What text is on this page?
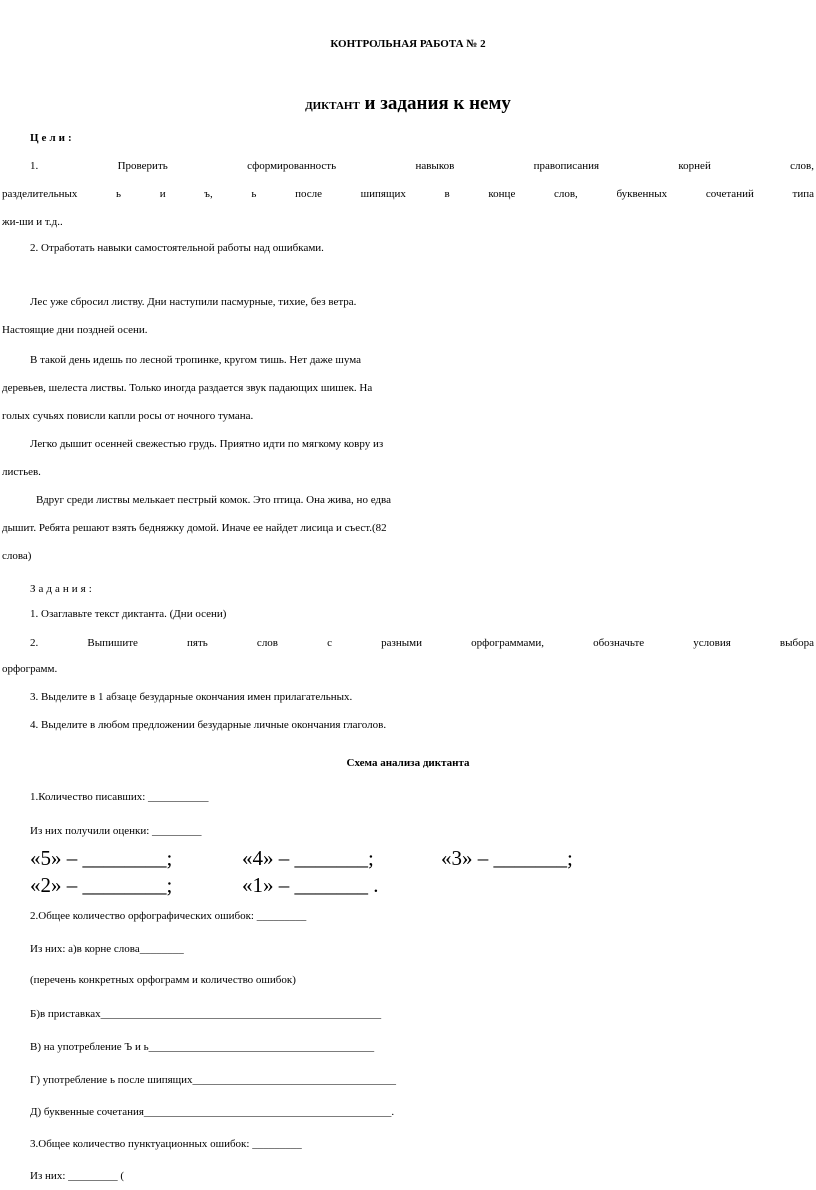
КОНТРОЛЬНАЯ РАБОТА № 2
ДИКТАНТ и задания к нему
Цели:
1. Проверить сформированность навыков правописания корней слов,
разделительных ь и ъ, ь после шипящих в конце слов, буквенных сочетаний типа
жи-ши и т.д..
2. Отработать навыки самостоятельной работы над ошибками.
Лес уже сбросил листву. Дни наступили пасмурные, тихие, без ветра.
Настоящие дни поздней осени.
В такой день идешь по лесной тропинке, кругом тишь. Нет даже шума
деревьев, шелеста листвы. Только иногда раздается звук падающих шишек. На
голых сучьях повисли капли росы от ночного тумана.
Легко дышит осенней свежестью грудь. Приятно идти по мягкому ковру из
листьев.
Вдруг среди листвы мелькает пестрый комок. Это птица. Она жива, но едва
дышит. Ребята решают взять бедняжку домой. Иначе ее найдет лисица и съест.(82
слова)
Задания:
1. Озаглавьте текст диктанта. (Дни осени)
2. Выпишите пять слов с разными орфограммами, обозначьте условия выбора
орфограмм.
3. Выделите в 1 абзаце безударные окончания имен прилагательных.
4. Выделите в любом предложении безударные личные окончания глаголов.
Схема анализа диктанта
1.Количество писавших: ___________
Из них получили оценки: _________
«5» – ________;	«4» – _______;	«3» – _______;
«2» – ________;	«1» – _______ .
2.Общее количество орфографических ошибок: _________
Из них: а)в корне слова________
(перечень конкретных орфограмм и количество ошибок)
Б)в приставках___________________________________________________
В) на употребление Ъ и ь_________________________________________
Г) употребление ь после шипящих_____________________________________
Д) буквенные сочетания_____________________________________________.
3.Общее количество пунктуационных ошибок: _________
Из них: _________ (
